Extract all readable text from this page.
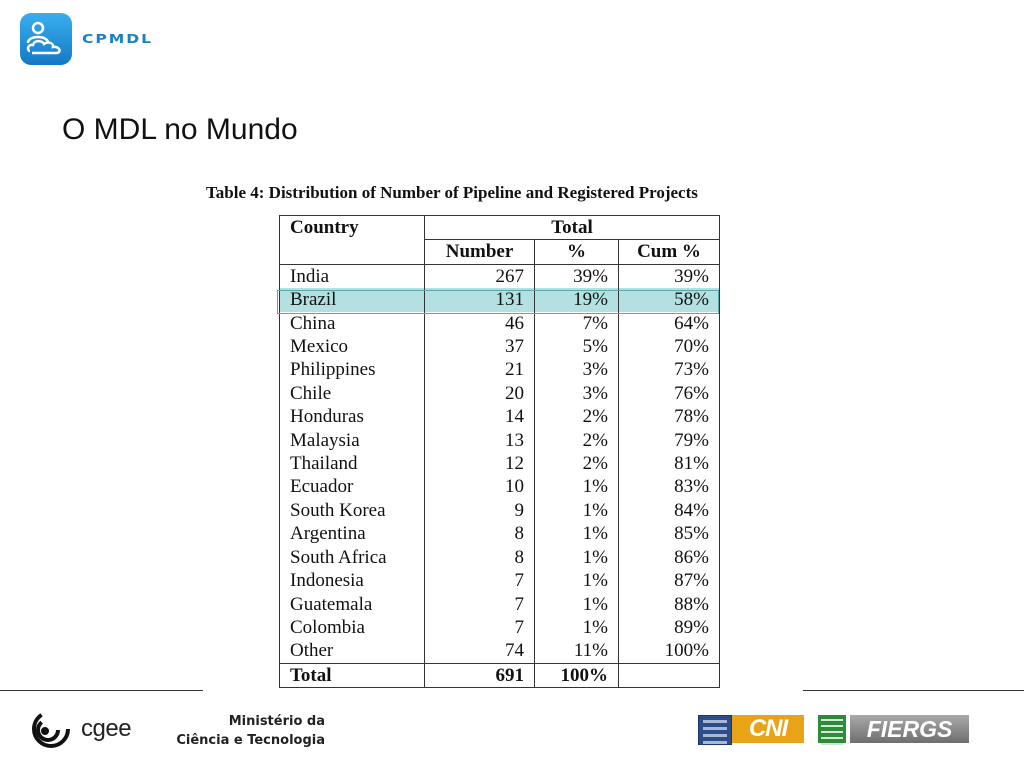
CPMDL
O MDL no Mundo
Table 4: Distribution of Number of Pipeline and Registered Projects
Country	Total		
	Number	%	Cum %
India	267	39%	39%
Brazil	131	19%	58%
China	46	7%	64%
Mexico	37	5%	70%
Philippines	21	3%	73%
Chile	20	3%	76%
Honduras	14	2%	78%
Malaysia	13	2%	79%
Thailand	12	2%	81%
Ecuador	10	1%	83%
South Korea	9	1%	84%
Argentina	8	1%	85%
South Africa	8	1%	86%
Indonesia	7	1%	87%
Guatemala	7	1%	88%
Colombia	7	1%	89%
Other	74	11%	100%
Total	691	100%	
cgee	Ministério da
Ciência e Tecnologia	CNI	FIERGS
